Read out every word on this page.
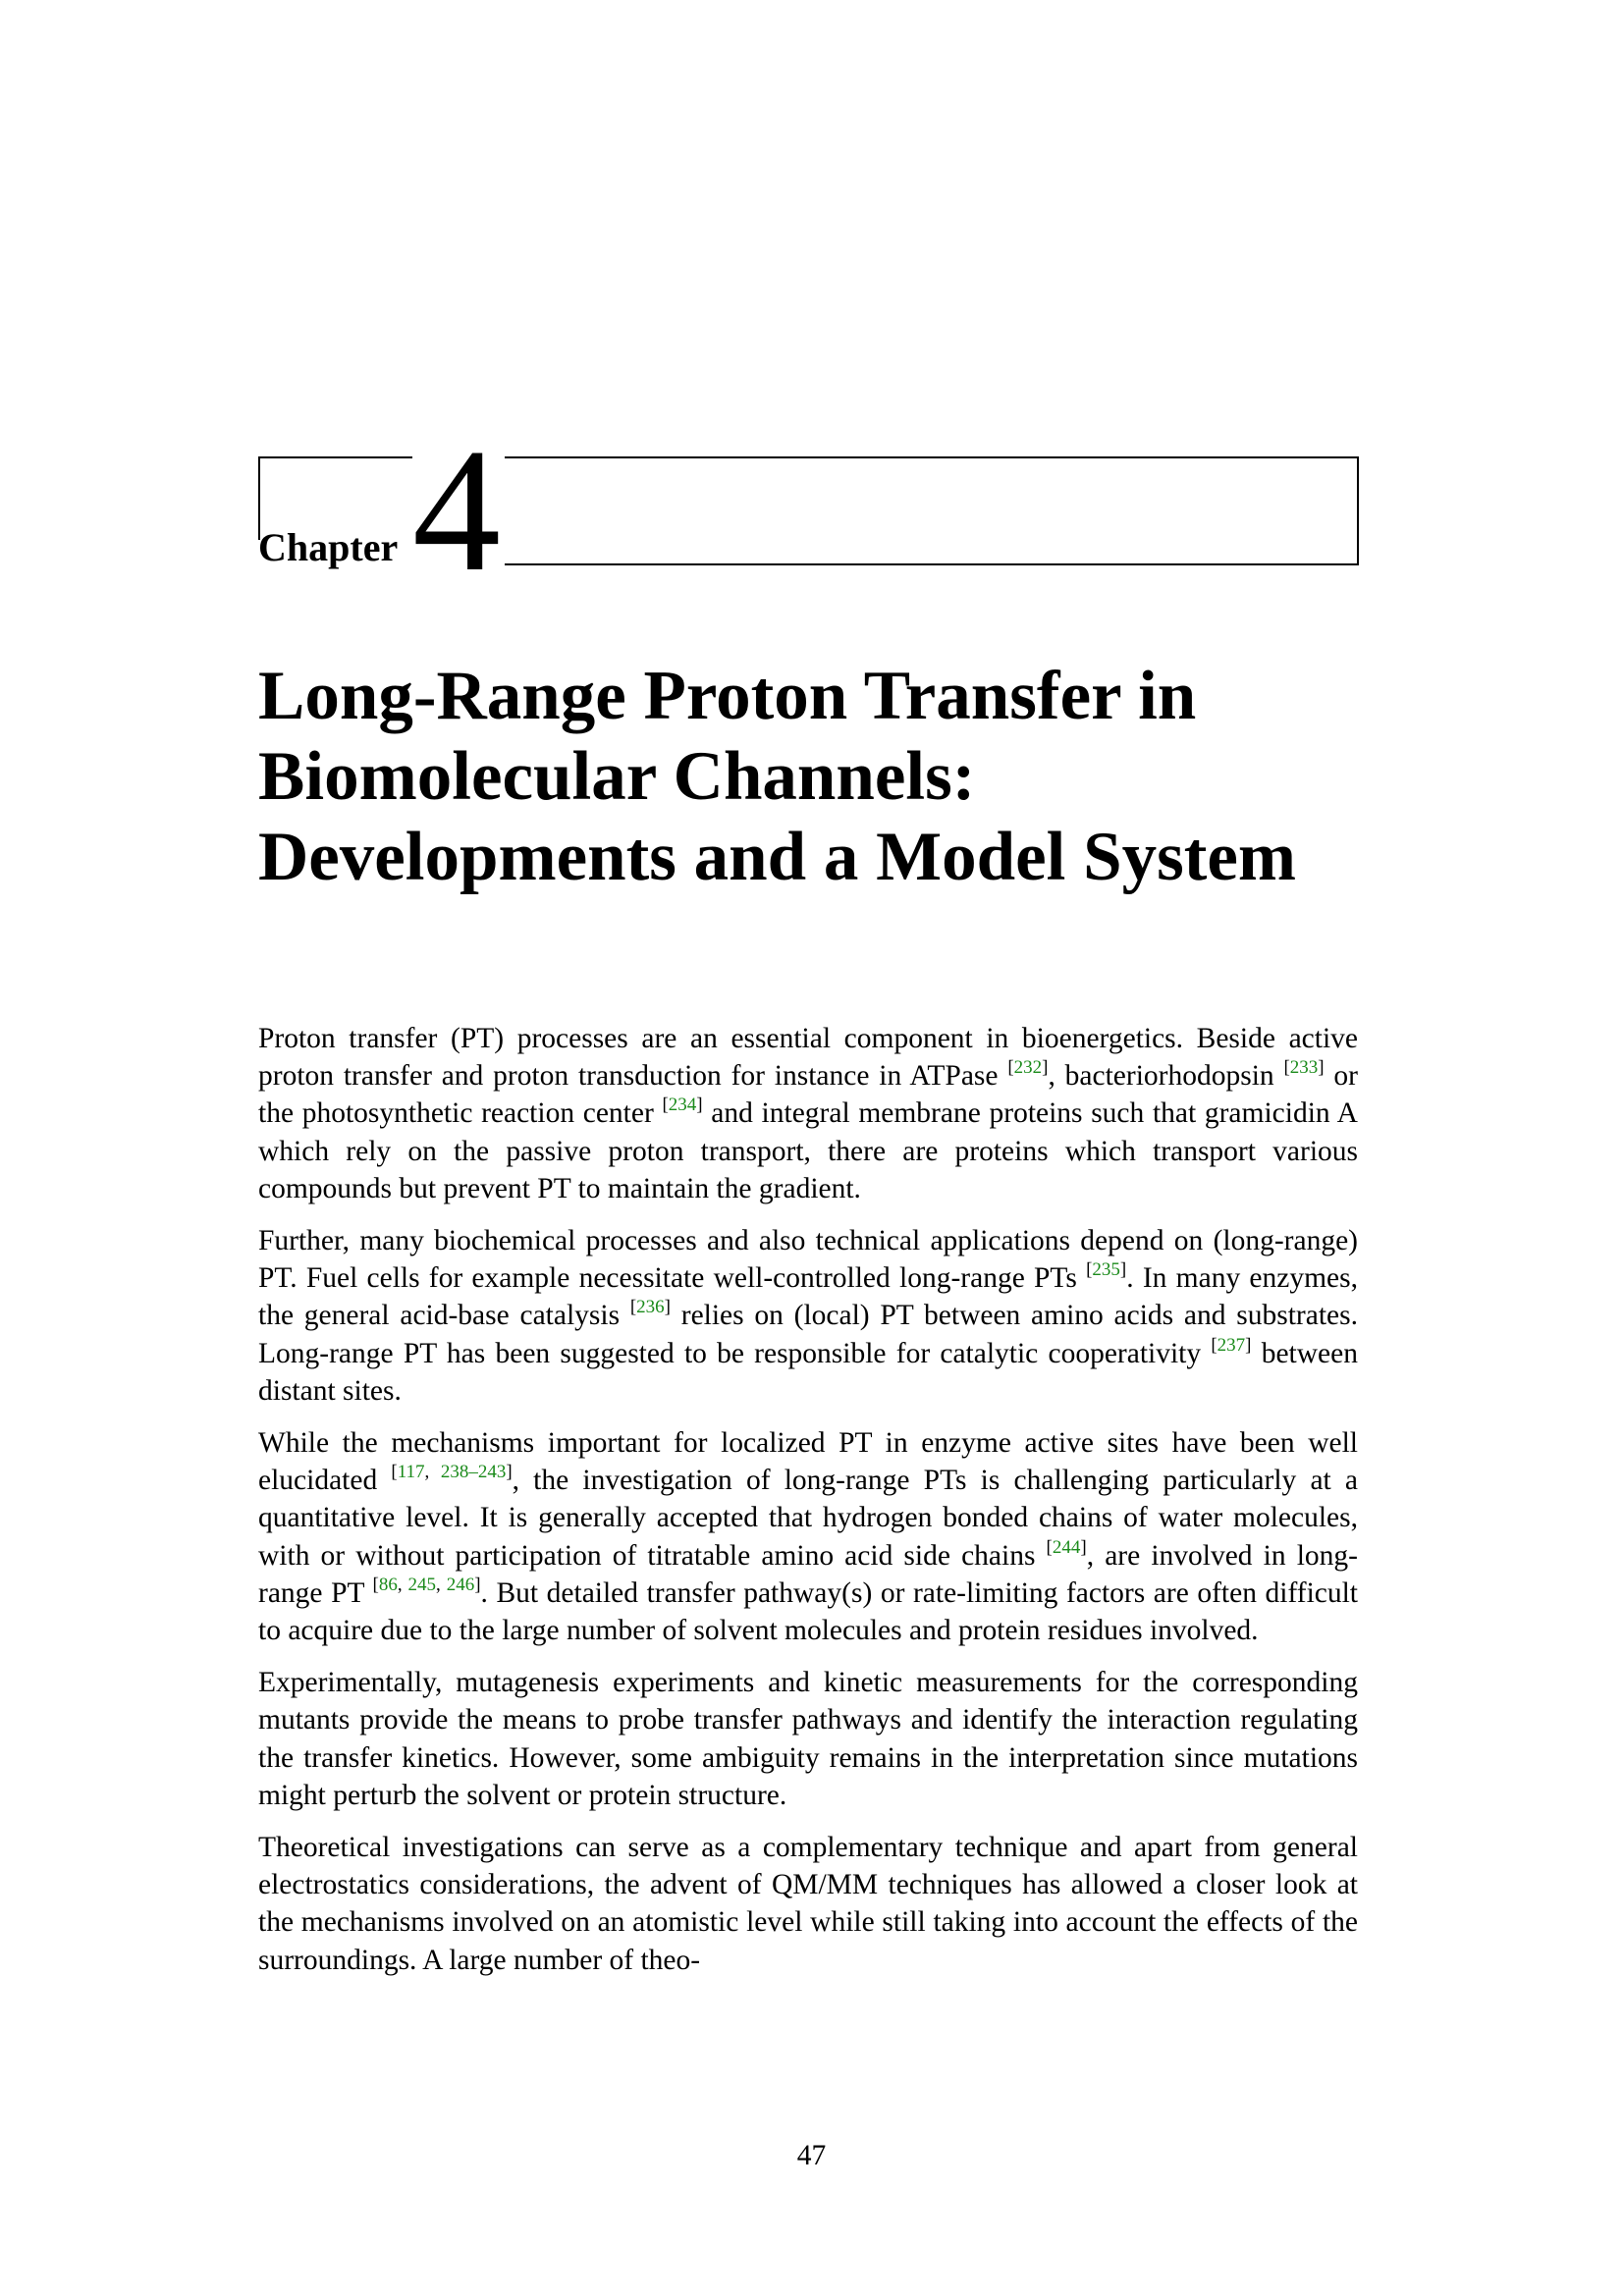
Chapter 4
Long-Range Proton Transfer in
Biomolecular Channels:
Developments and a Model System

Proton transfer (PT) processes are an essential component in bioenergetics. Beside active proton transfer and proton transduction for instance in ATPase [232], bacteriorhodopsin [233] or the photosynthetic reaction center [234] and integral membrane proteins such that gramicidin A which rely on the passive proton transport, there are proteins which transport various compounds but prevent PT to maintain the gradient.

Further, many biochemical processes and also technical applications depend on (long-range) PT. Fuel cells for example necessitate well-controlled long-range PTs [235]. In many enzymes, the general acid-base catalysis [236] relies on (local) PT between amino acids and substrates. Long-range PT has been suggested to be responsible for catalytic cooperativity [237] between distant sites.

While the mechanisms important for localized PT in enzyme active sites have been well elucidated [117, 238–243], the investigation of long-range PTs is challenging particularly at a quantitative level. It is generally accepted that hydrogen bonded chains of water molecules, with or without participation of titratable amino acid side chains [244], are involved in long-range PT [86, 245, 246]. But detailed transfer pathway(s) or rate-limiting factors are often difficult to acquire due to the large number of solvent molecules and protein residues involved.

Experimentally, mutagenesis experiments and kinetic measurements for the corresponding mutants provide the means to probe transfer pathways and identify the interaction regulating the transfer kinetics. However, some ambiguity remains in the interpretation since mutations might perturb the solvent or protein structure.

Theoretical investigations can serve as a complementary technique and apart from general electrostatics considerations, the advent of QM/MM techniques has allowed a closer look at the mechanisms involved on an atomistic level while still taking into account the effects of the surroundings. A large number of theo-

47
